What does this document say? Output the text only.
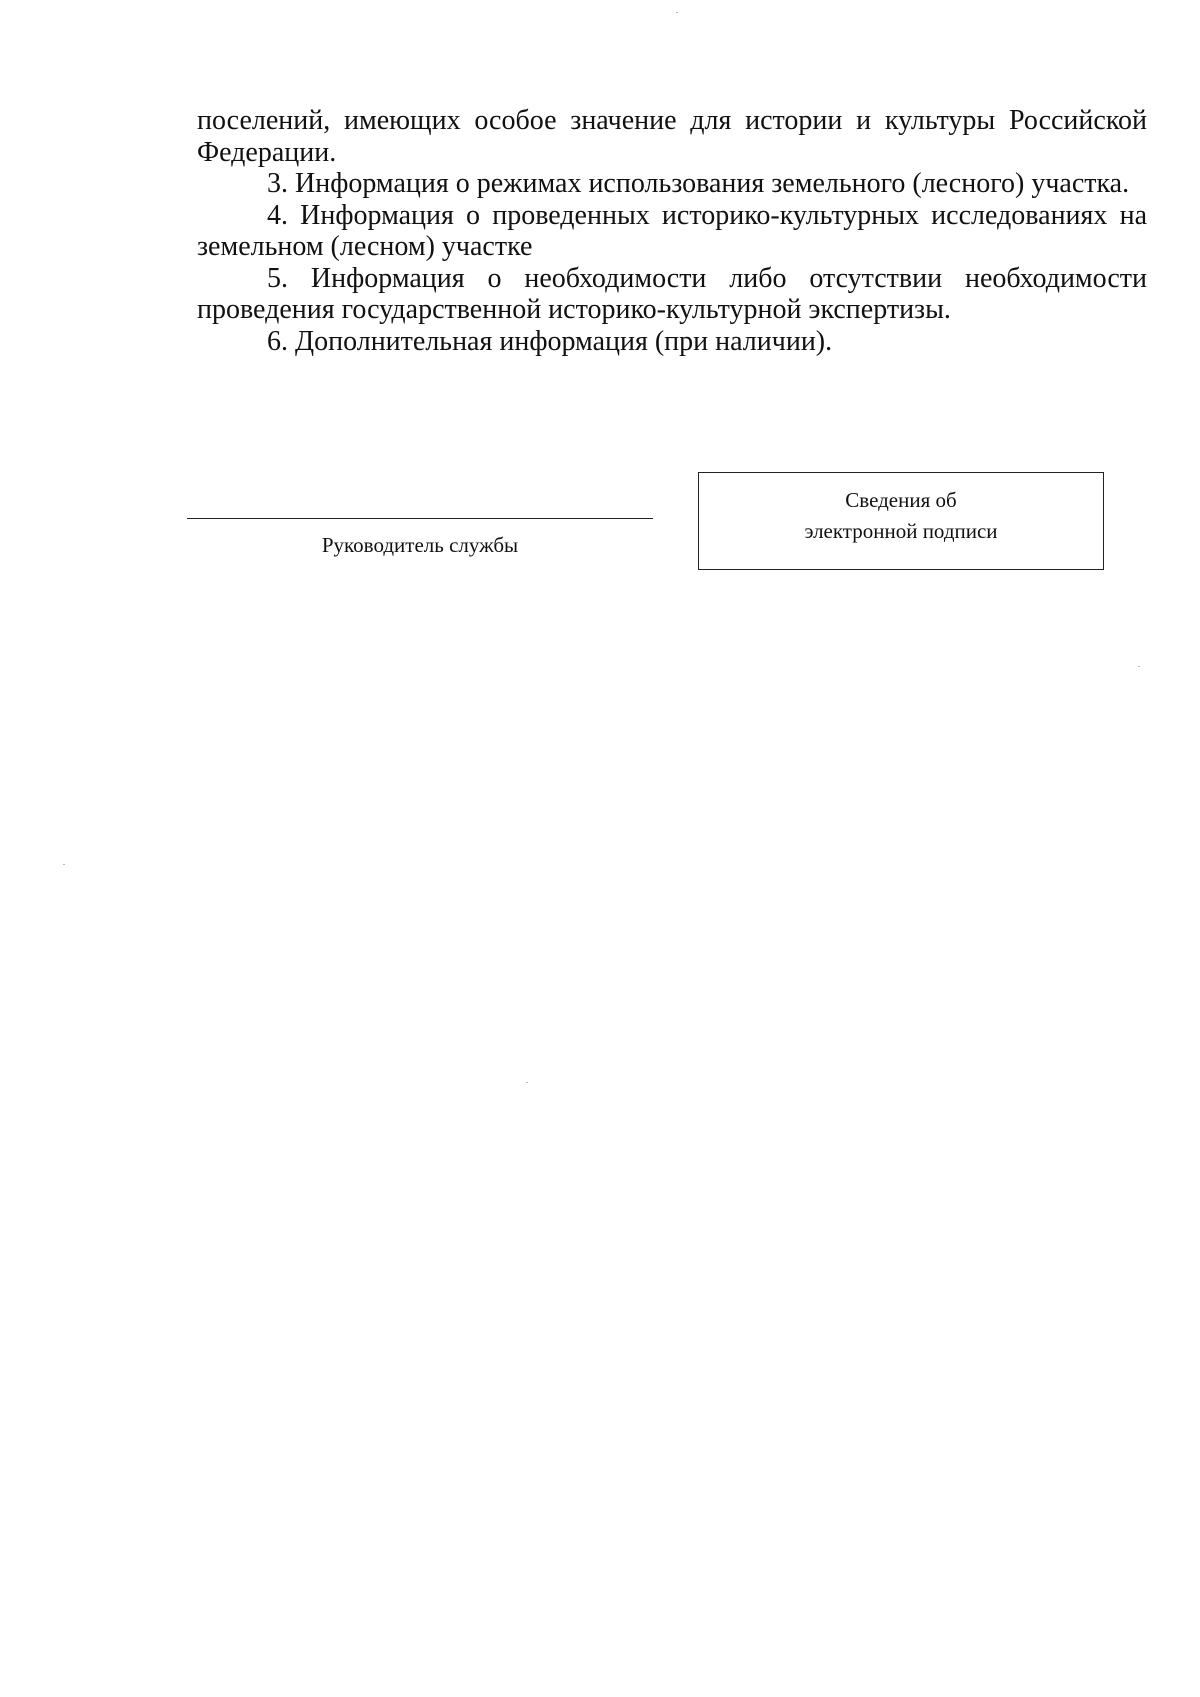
поселений, имеющих особое значение для истории и культуры Российской Федерации.

3. Информация о режимах использования земельного (лесного) участка.

4. Информация о проведенных историко-культурных исследованиях на земельном (лесном) участке

5. Информация о необходимости либо отсутствии необходимости проведения государственной историко-культурной экспертизы.

6. Дополнительная информация (при наличии).

Руководитель службы
Сведения об
электронной подписи
